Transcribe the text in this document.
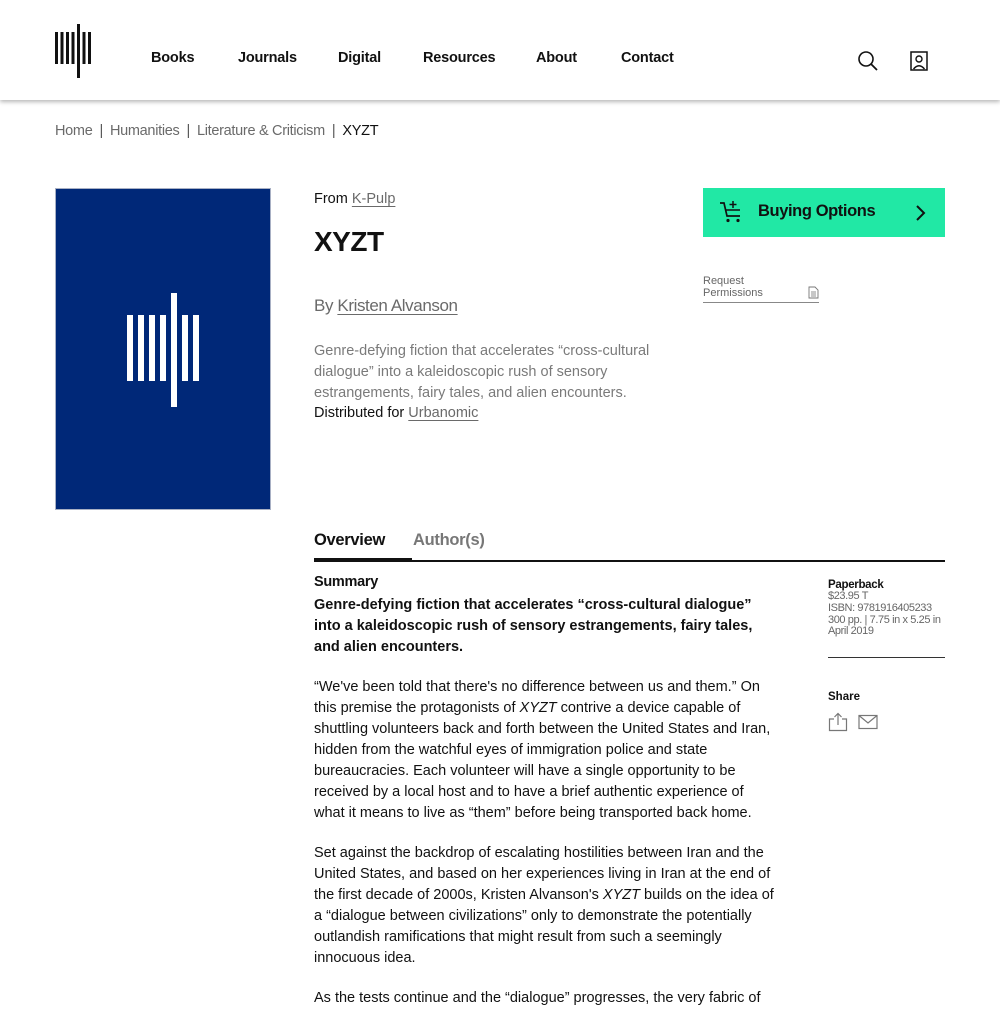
Books	Journals	Digital	Resources	About	Contact
Home | Humanities | Literature & Criticism | XYZT
From K-Pulp
XYZT
By Kristen Alvanson
Genre-defying fiction that accelerates “cross-cultural dialogue” into a kaleidoscopic rush of sensory estrangements, fairy tales, and alien encounters.
Distributed for Urbanomic
Buying Options
Request Permissions
Overview Author(s)
Summary

Genre-defying fiction that accelerates “cross-cultural dialogue” into a kaleidoscopic rush of sensory estrangements, fairy tales, and alien encounters.

“We've been told that there's no difference between us and them.” On this premise the protagonists of XYZT contrive a device capable of shuttling volunteers back and forth between the United States and Iran, hidden from the watchful eyes of immigration police and state bureaucracies. Each volunteer will have a single opportunity to be received by a local host and to have a brief authentic experience of what it means to live as “them” before being transported back home.

Set against the backdrop of escalating hostilities between Iran and the United States, and based on her experiences living in Iran at the end of the first decade of 2000s, Kristen Alvanson's XYZT builds on the idea of a “dialogue between civilizations” only to demonstrate the potentially outlandish ramifications that might result from such a seemingly innocuous idea.

As the tests continue and the “dialogue” progresses, the very fabric of

Paperback
$23.95 T
ISBN: 9781916405233
300 pp. | 7.75 in x 5.25 in
April 2019
Share
